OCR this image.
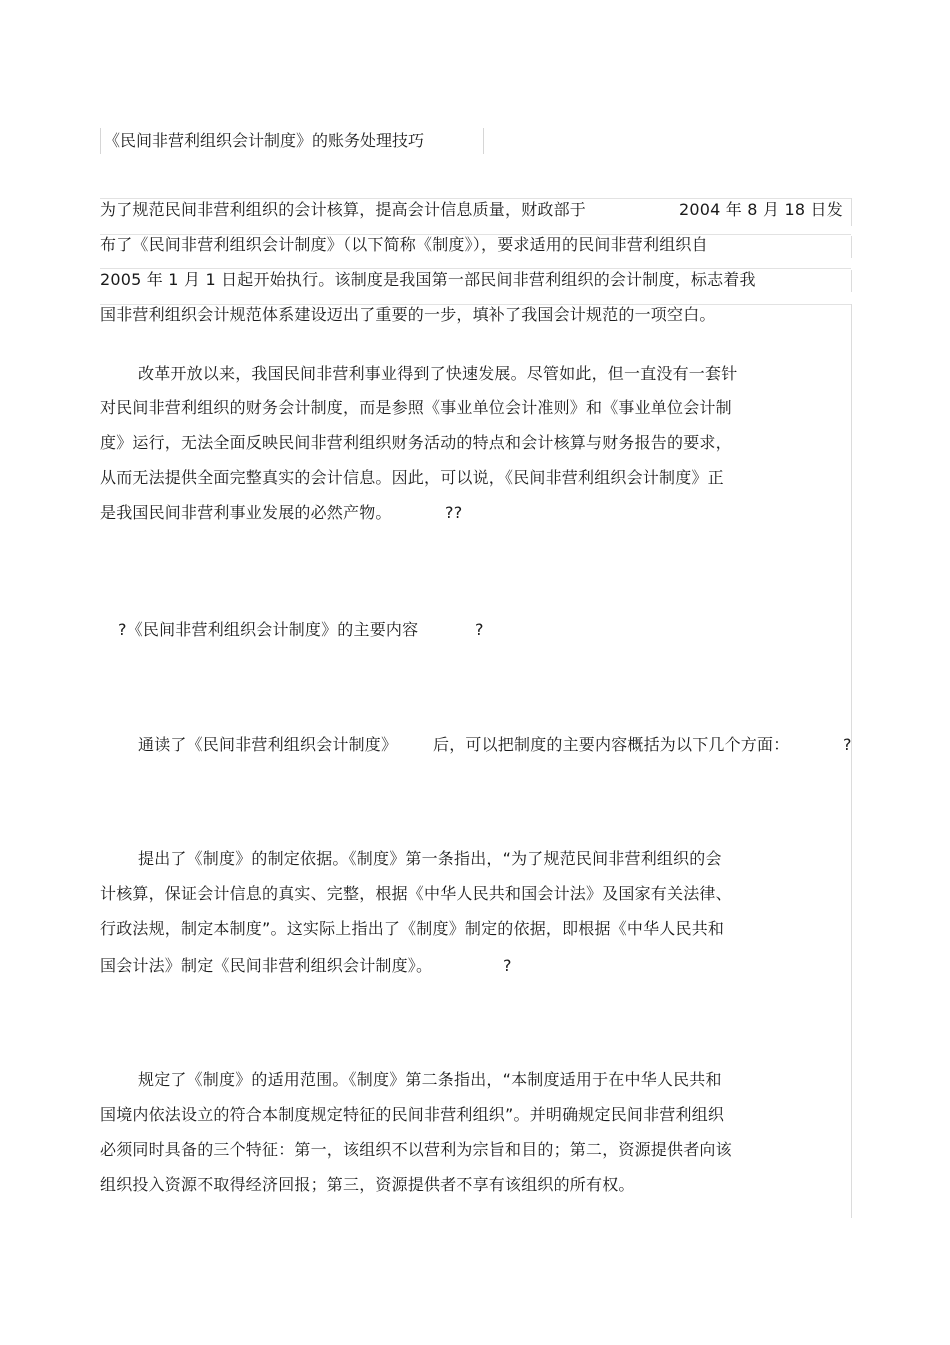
《民间非营利组织会计制度》的账务处理技巧
为了规范民间非营利组织的会计核算，提高会计信息质量，财政部于	2004 年 8 月 18 日发
布了《民间非营利组织会计制度》（以下简称《制度》），要求适用的民间非营利组织自
2005 年 1 月 1 日起开始执行。该制度是我国第一部民间非营利组织的会计制度，标志着我
国非营利组织会计规范体系建设迈出了重要的一步，填补了我国会计规范的一项空白。
改革开放以来，我国民间非营利事业得到了快速发展。尽管如此，但一直没有一套针
对民间非营利组织的财务会计制度，而是参照《事业单位会计准则》和《事业单位会计制
度》运行，无法全面反映民间非营利组织财务活动的特点和会计核算与财务报告的要求，
从而无法提供全面完整真实的会计信息。因此，可以说，《民间非营利组织会计制度》正
是我国民间非营利事业发展的必然产物。	??
?《民间非营利组织会计制度》的主要内容	?
通读了《民间非营利组织会计制度》 后，可以把制度的主要内容概括为以下几个方面：	?
提出了《制度》的制定依据。《制度》第一条指出，“为了规范民间非营利组织的会
计核算，保证会计信息的真实、完整，根据《中华人民共和国会计法》及国家有关法律、
行政法规，制定本制度”。这实际上指出了《制度》制定的依据，即根据《中华人民共和
国会计法》制定《民间非营利组织会计制度》。	?
规定了《制度》的适用范围。《制度》第二条指出，“本制度适用于在中华人民共和
国境内依法设立的符合本制度规定特征的民间非营利组织”。并明确规定民间非营利组织
必须同时具备的三个特征：第一，该组织不以营利为宗旨和目的；第二，资源提供者向该
组织投入资源不取得经济回报；第三，资源提供者不享有该组织的所有权。
